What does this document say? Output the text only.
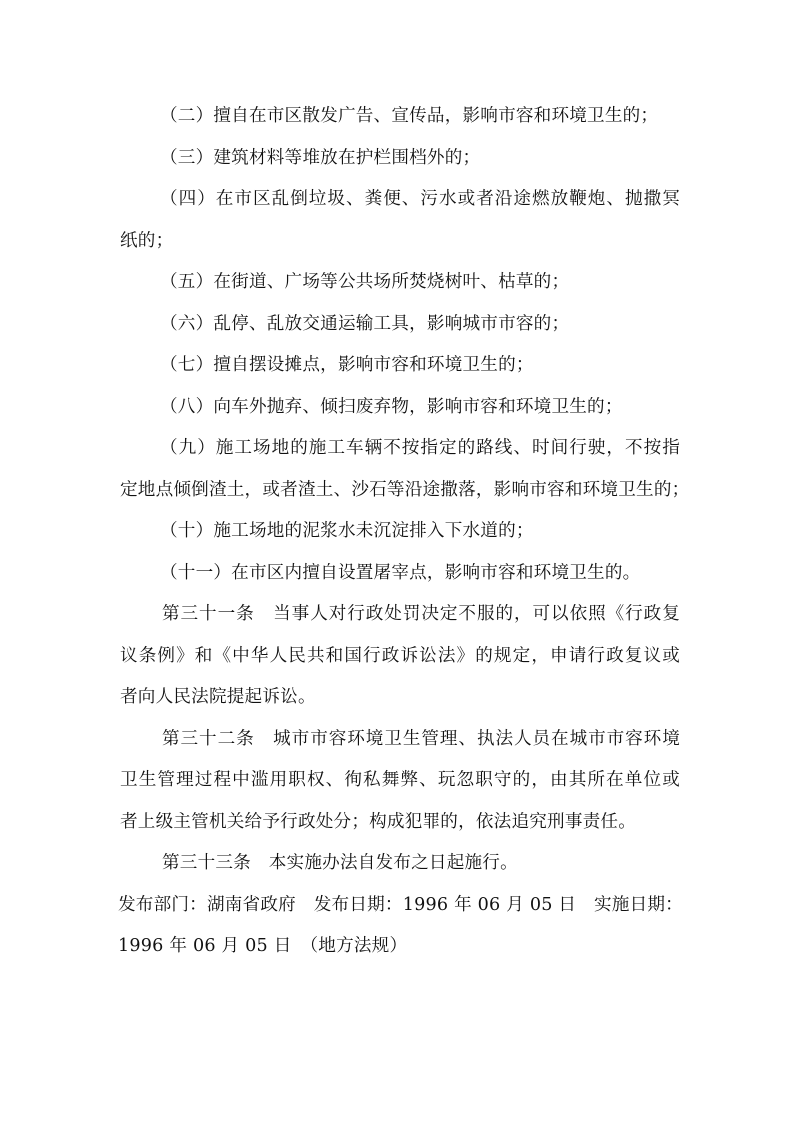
（二）擅自在市区散发广告、宣传品，影响市容和环境卫生的；
（三）建筑材料等堆放在护栏围档外的；
（四）在市区乱倒垃圾、粪便、污水或者沿途燃放鞭炮、抛撒冥
纸的；
（五）在街道、广场等公共场所焚烧树叶、枯草的；
（六）乱停、乱放交通运输工具，影响城市市容的；
（七）擅自摆设摊点，影响市容和环境卫生的；
（八）向车外抛弃、倾扫废弃物，影响市容和环境卫生的；
（九）施工场地的施工车辆不按指定的路线、时间行驶，不按指
定地点倾倒渣土，或者渣土、沙石等沿途撒落，影响市容和环境卫生的；
（十）施工场地的泥浆水未沉淀排入下水道的；
（十一）在市区内擅自设置屠宰点，影响市容和环境卫生的。
第三十一条　当事人对行政处罚决定不服的，可以依照《行政复
议条例》和《中华人民共和国行政诉讼法》的规定，申请行政复议或
者向人民法院提起诉讼。
第三十二条　城市市容环境卫生管理、执法人员在城市市容环境
卫生管理过程中滥用职权、徇私舞弊、玩忽职守的，由其所在单位或
者上级主管机关给予行政处分；构成犯罪的，依法追究刑事责任。
第三十三条　本实施办法自发布之日起施行。
发布部门：湖南省政府　发布日期：1996 年 06 月 05 日　实施日期：
1996 年 06 月 05 日　（地方法规）
